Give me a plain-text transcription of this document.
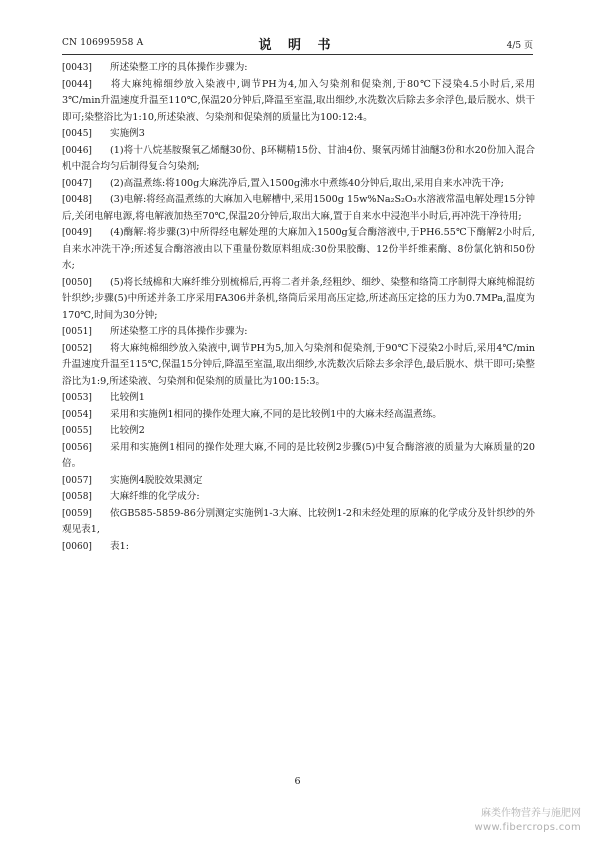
CN 106995958 A	说 明 书	4/5 页

[0043] 所述染整工序的具体操作步骤为:

[0044] 将大麻纯棉细纱放入染液中,调节PH为4,加入匀染剂和促染剂,于80℃下浸染4.5小时后,采用3℃/min升温速度升温至110℃,保温20分钟后,降温至室温,取出细纱,水洗数次后除去多余浮色,最后脱水、烘干即可;染整浴比为1:10,所述染液、匀染剂和促染剂的质量比为100:12:4。

[0045] 实施例3

[0046] (1)将十八烷基胺聚氧乙烯醚30份、β环糊精15份、甘油4份、聚氧丙烯甘油醚3份和水20份加入混合机中混合均匀后制得复合匀染剂;

[0047] (2)高温煮练:将100g大麻洗净后,置入1500g沸水中煮练40分钟后,取出,采用自来水冲洗干净;

[0048] (3)电解:将经高温煮练的大麻加入电解槽中,采用1500g 15w%Na₂S₂O₃水溶液常温电解处理15分钟后,关闭电解电源,将电解液加热至70℃,保温20分钟后,取出大麻,置于自来水中浸泡半小时后,再冲洗干净待用;

[0049] (4)酶解:将步骤(3)中所得经电解处理的大麻加入1500g复合酶溶液中,于PH6.55℃下酶解2小时后,自来水冲洗干净;所述复合酶溶液由以下重量份数原料组成:30份果胶酶、12份半纤维素酶、8份氯化钠和50份水;

[0050] (5)将长绒棉和大麻纤维分别梳棉后,再将二者并条,经粗纱、细纱、染整和络筒工序制得大麻纯棉混纺针织纱;步骤(5)中所述并条工序采用FA306并条机,络筒后采用高压定捻,所述高压定捻的压力为0.7MPa,温度为170℃,时间为30分钟;

[0051] 所述染整工序的具体操作步骤为:

[0052] 将大麻纯棉细纱放入染液中,调节PH为5,加入匀染剂和促染剂,于90℃下浸染2小时后,采用4℃/min升温速度升温至115℃,保温15分钟后,降温至室温,取出细纱,水洗数次后除去多余浮色,最后脱水、烘干即可;染整浴比为1:9,所述染液、匀染剂和促染剂的质量比为100:15:3。

[0053] 比较例1

[0054] 采用和实施例1相同的操作处理大麻,不同的是比较例1中的大麻未经高温煮练。

[0055] 比较例2

[0056] 采用和实施例1相同的操作处理大麻,不同的是比较例2步骤(5)中复合酶溶液的质量为大麻质量的20倍。

[0057] 实施例4脱胶效果测定

[0058] 大麻纤维的化学成分:

[0059] 依GB585-5859-86分别测定实施例1-3大麻、比较例1-2和未经处理的原麻的化学成分及针织纱的外观见表1,

[0060] 表1:

6
麻类作物营养与施肥网
www.fibercrops.com
